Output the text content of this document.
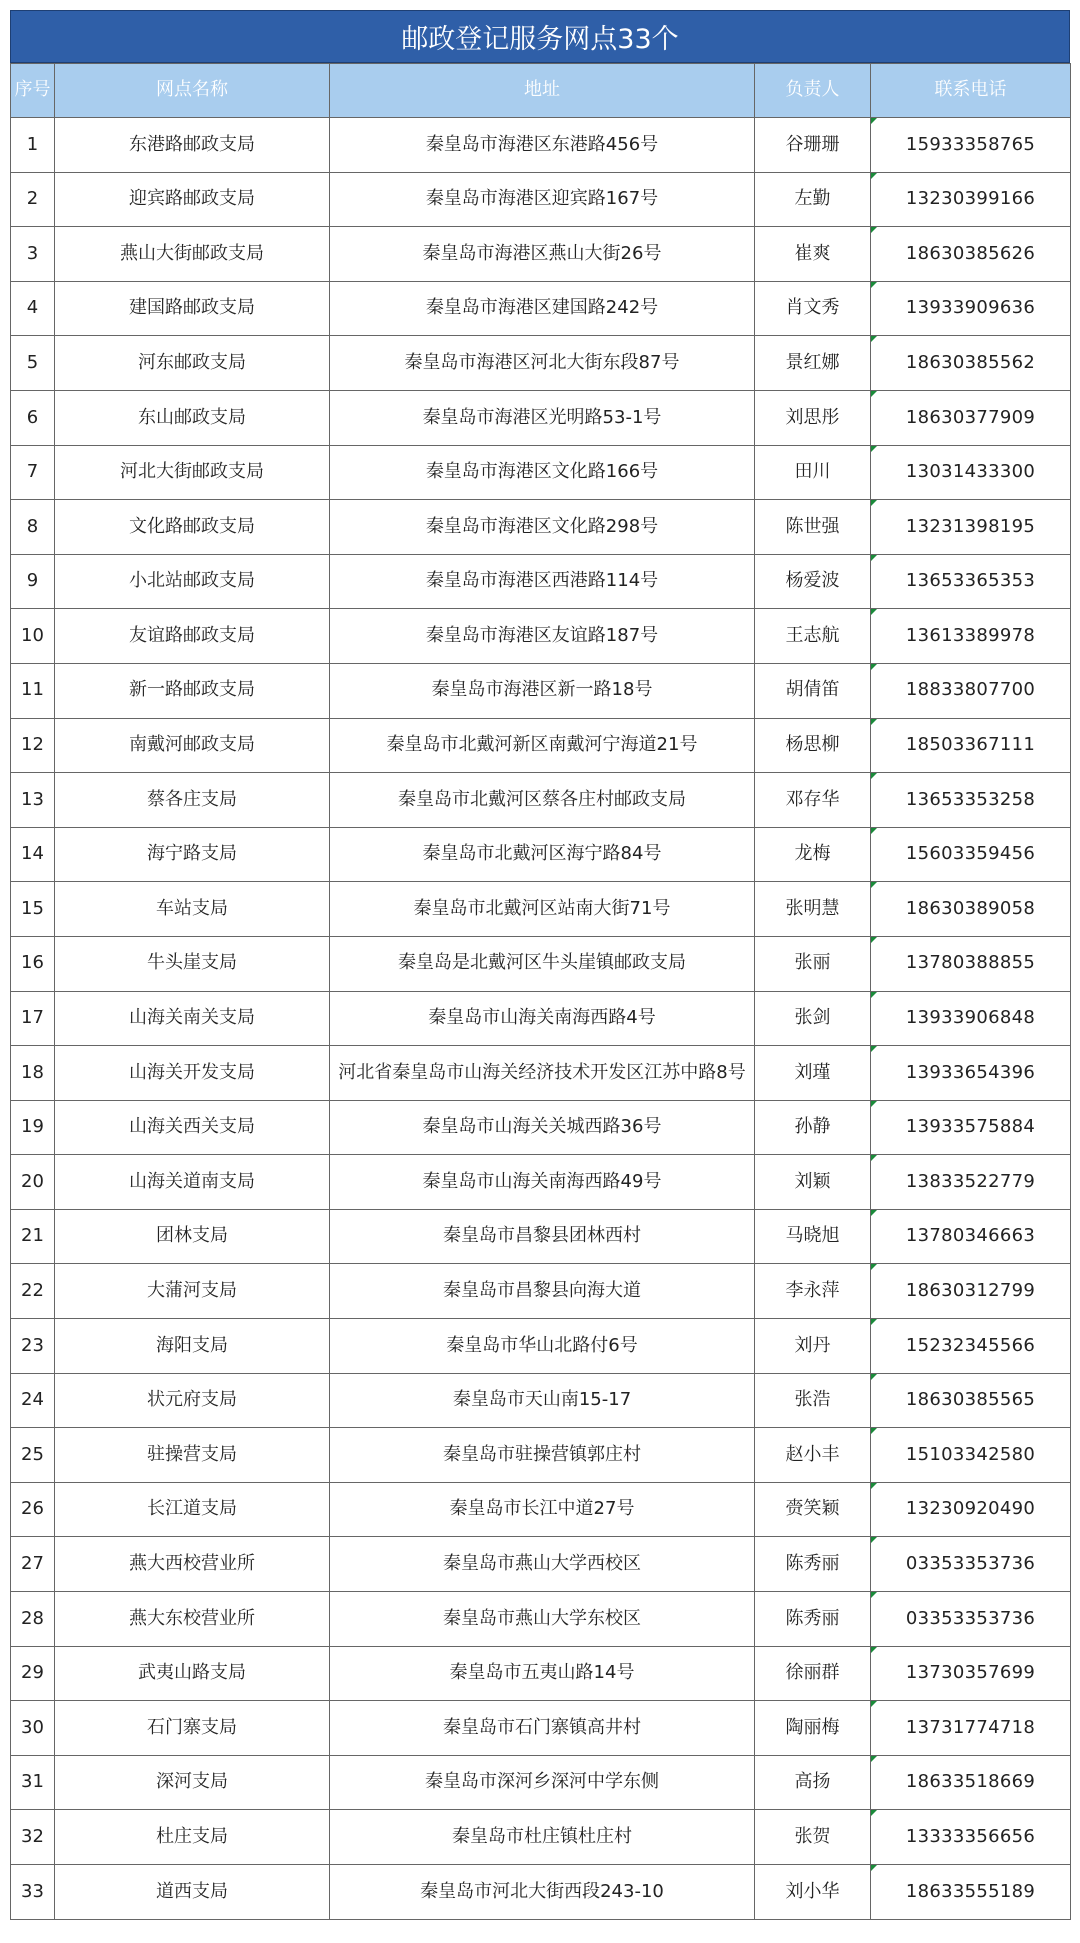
邮政登记服务网点33个
序号	网点名称	地址	负责人	联系电话
1	东港路邮政支局	秦皇岛市海港区东港路456号	谷珊珊	15933358765
2	迎宾路邮政支局	秦皇岛市海港区迎宾路167号	左勤	13230399166
3	燕山大街邮政支局	秦皇岛市海港区燕山大街26号	崔爽	18630385626
4	建国路邮政支局	秦皇岛市海港区建国路242号	肖文秀	13933909636
5	河东邮政支局	秦皇岛市海港区河北大街东段87号	景红娜	18630385562
6	东山邮政支局	秦皇岛市海港区光明路53-1号	刘思彤	18630377909
7	河北大街邮政支局	秦皇岛市海港区文化路166号	田川	13031433300
8	文化路邮政支局	秦皇岛市海港区文化路298号	陈世强	13231398195
9	小北站邮政支局	秦皇岛市海港区西港路114号	杨爱波	13653365353
10	友谊路邮政支局	秦皇岛市海港区友谊路187号	王志航	13613389978
11	新一路邮政支局	秦皇岛市海港区新一路18号	胡倩笛	18833807700
12	南戴河邮政支局	秦皇岛市北戴河新区南戴河宁海道21号	杨思柳	18503367111
13	蔡各庄支局	秦皇岛市北戴河区蔡各庄村邮政支局	邓存华	13653353258
14	海宁路支局	秦皇岛市北戴河区海宁路84号	龙梅	15603359456
15	车站支局	秦皇岛市北戴河区站南大街71号	张明慧	18630389058
16	牛头崖支局	秦皇岛是北戴河区牛头崖镇邮政支局	张丽	13780388855
17	山海关南关支局	秦皇岛市山海关南海西路4号	张剑	13933906848
18	山海关开发支局	河北省秦皇岛市山海关经济技术开发区江苏中路8号	刘瑾	13933654396
19	山海关西关支局	秦皇岛市山海关关城西路36号	孙静	13933575884
20	山海关道南支局	秦皇岛市山海关南海西路49号	刘颖	13833522779
21	团林支局	秦皇岛市昌黎县团林西村	马晓旭	13780346663
22	大蒲河支局	秦皇岛市昌黎县向海大道	李永萍	18630312799
23	海阳支局	秦皇岛市华山北路付6号	刘丹	15232345566
24	状元府支局	秦皇岛市天山南15-17	张浩	18630385565
25	驻操营支局	秦皇岛市驻操营镇郭庄村	赵小丰	15103342580
26	长江道支局	秦皇岛市长江中道27号	赍笑颖	13230920490
27	燕大西校营业所	秦皇岛市燕山大学西校区	陈秀丽	03353353736
28	燕大东校营业所	秦皇岛市燕山大学东校区	陈秀丽	03353353736
29	武夷山路支局	秦皇岛市五夷山路14号	徐丽群	13730357699
30	石门寨支局	秦皇岛市石门寨镇高井村	陶丽梅	13731774718
31	深河支局	秦皇岛市深河乡深河中学东侧	高扬	18633518669
32	杜庄支局	秦皇岛市杜庄镇杜庄村	张贺	13333356656
33	道西支局	秦皇岛市河北大街西段243-10	刘小华	18633555189
